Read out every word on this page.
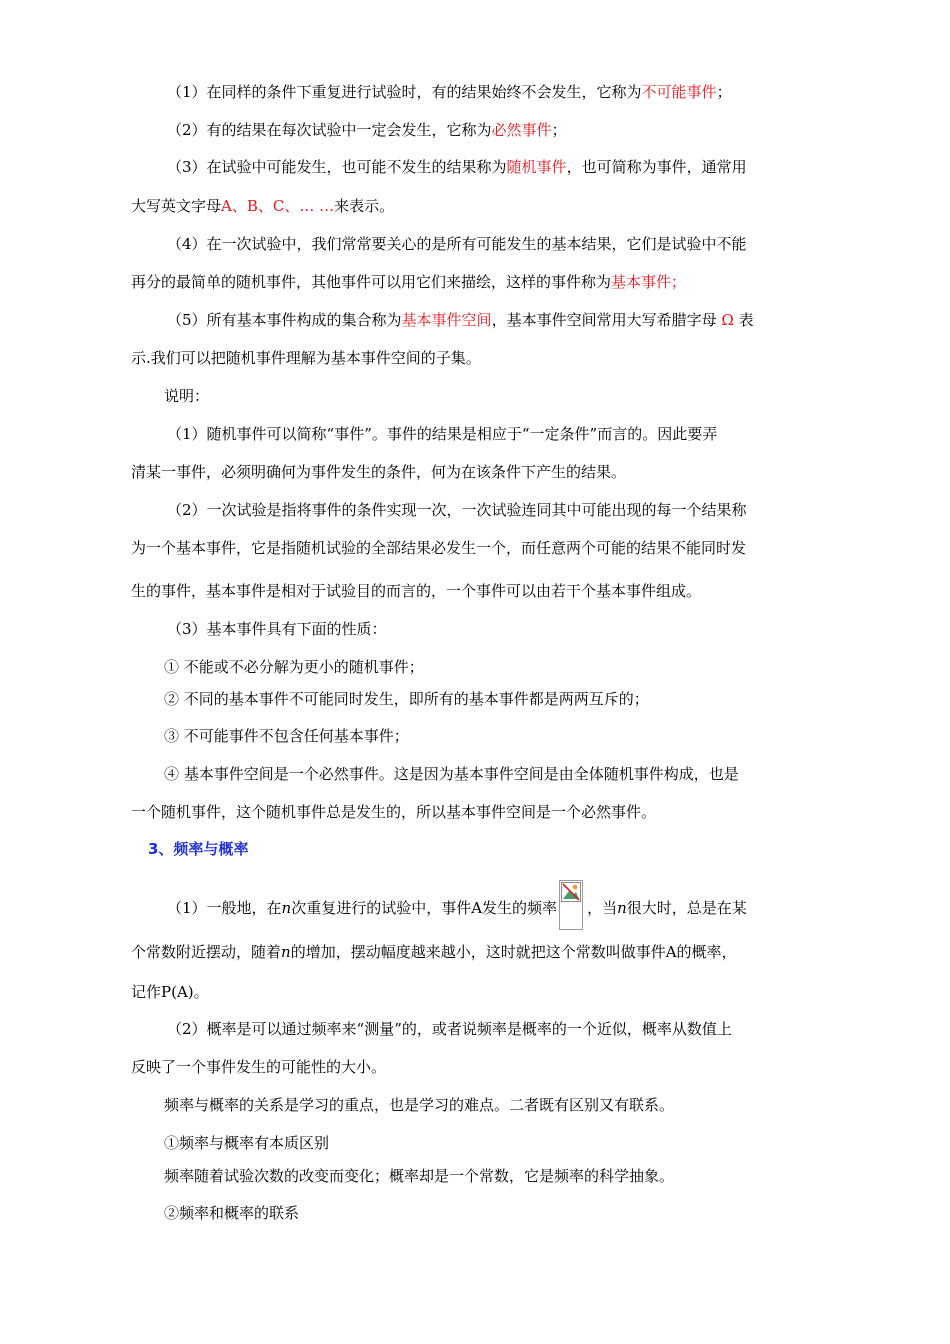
（1）在同样的条件下重复进行试验时，有的结果始终不会发生，它称为不可能事件；
（2）有的结果在每次试验中一定会发生，它称为必然事件；
（3）在试验中可能发生，也可能不发生的结果称为随机事件，也可简称为事件，通常用
大写英文字母A、B、C、… …来表示。
（4）在一次试验中，我们常常要关心的是所有可能发生的基本结果，它们是试验中不能
再分的最简单的随机事件，其他事件可以用它们来描绘，这样的事件称为基本事件；
（5）所有基本事件构成的集合称为基本事件空间，基本事件空间常用大写希腊字母 Ω 表
示.我们可以把随机事件理解为基本事件空间的子集。
说明：
（1）随机事件可以简称“事件”。事件的结果是相应于“一定条件”而言的。因此要弄
清某一事件，必须明确何为事件发生的条件，何为在该条件下产生的结果。
（2）一次试验是指将事件的条件实现一次，一次试验连同其中可能出现的每一个结果称
为一个基本事件，它是指随机试验的全部结果必发生一个，而任意两个可能的结果不能同时发
生的事件，基本事件是相对于试验目的而言的，一个事件可以由若干个基本事件组成。
（3）基本事件具有下面的性质：
① 不能或不必分解为更小的随机事件；
② 不同的基本事件不可能同时发生，即所有的基本事件都是两两互斥的；
③ 不可能事件不包含任何基本事件；
④ 基本事件空间是一个必然事件。这是因为基本事件空间是由全体随机事件构成，也是
一个随机事件，这个随机事件总是发生的，所以基本事件空间是一个必然事件。
3、频率与概率
（1）一般地，在n次重复进行的试验中，事件A发生的频率 ，当n很大时，总是在某
个常数附近摆动，随着n的增加，摆动幅度越来越小，这时就把这个常数叫做事件A的概率，
记作P(A)。
（2）概率是可以通过频率来“测量”的，或者说频率是概率的一个近似，概率从数值上
反映了一个事件发生的可能性的大小。
频率与概率的关系是学习的重点，也是学习的难点。二者既有区别又有联系。
①频率与概率有本质区别
频率随着试验次数的改变而变化；概率却是一个常数，它是频率的科学抽象。
②频率和概率的联系
